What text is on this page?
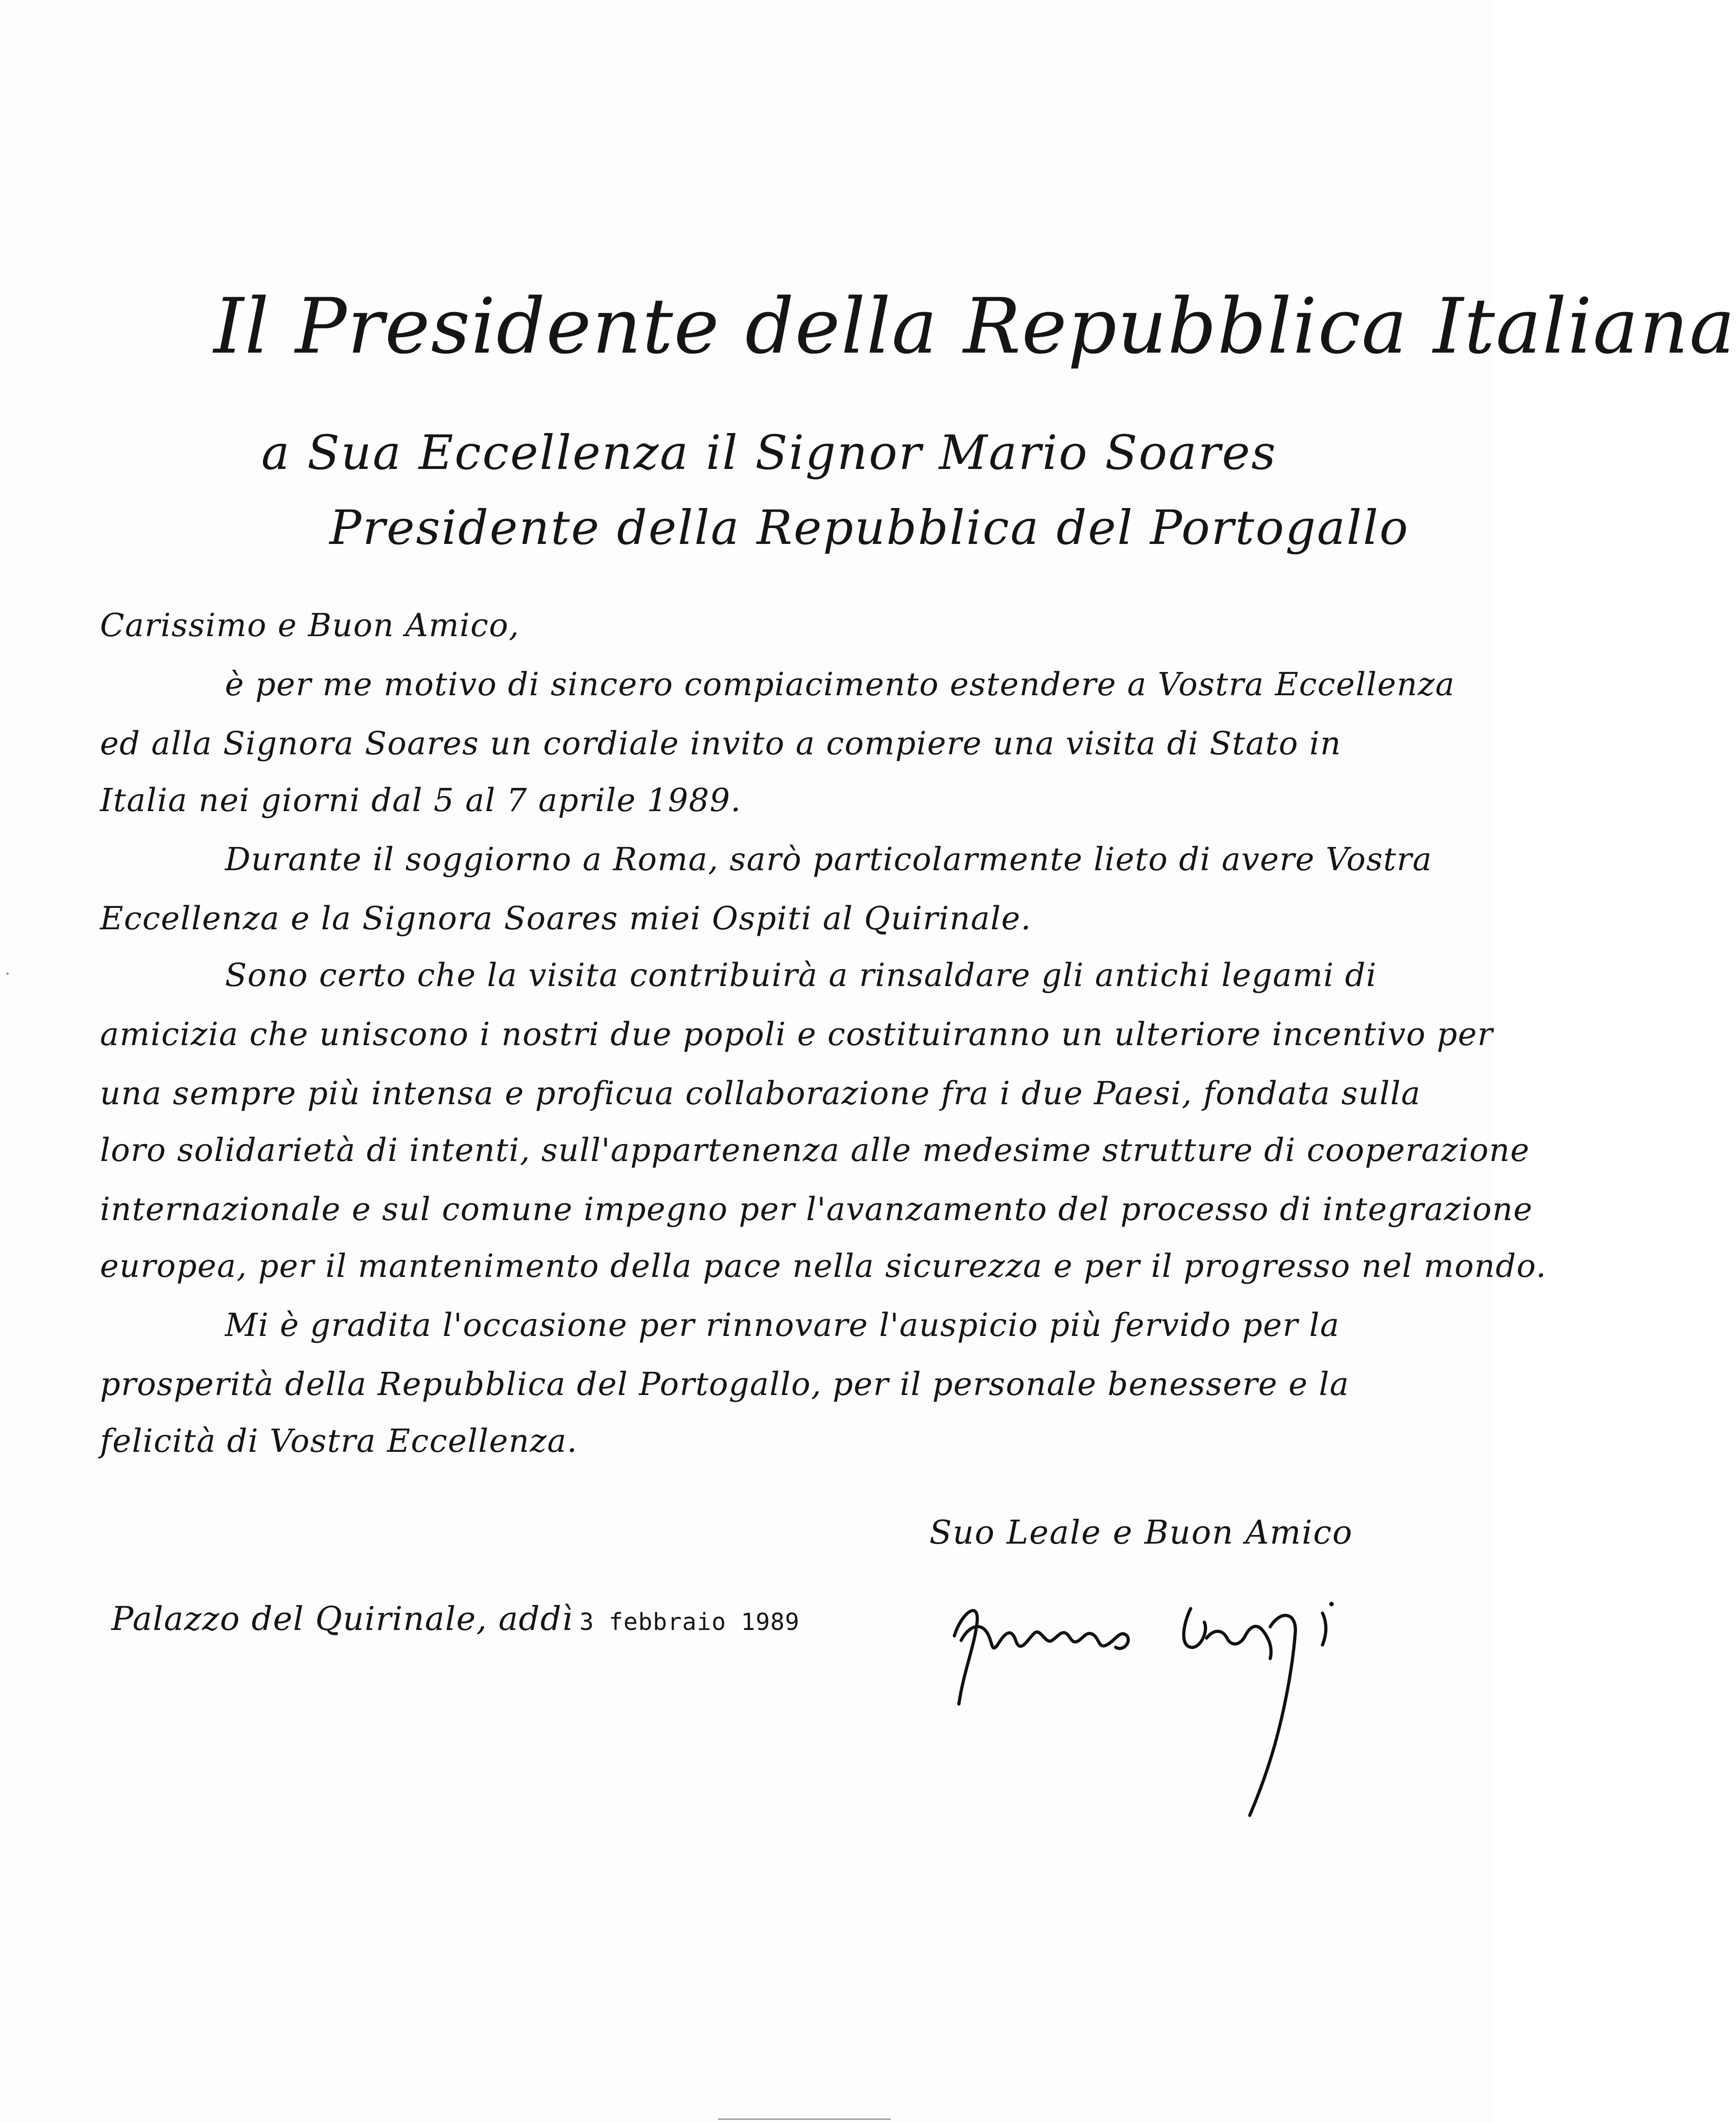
Il Presidente della Repubblica Italiana
a Sua Eccellenza il Signor Mario Soares
Presidente della Repubblica del Portogallo
Carissimo e Buon Amico,
è per me motivo di sincero compiacimento estendere a Vostra Eccellenza
ed alla Signora Soares un cordiale invito a compiere una visita di Stato in
Italia nei giorni dal 5 al 7 aprile 1989.
Durante il soggiorno a Roma, sarò particolarmente lieto di avere Vostra
Eccellenza e la Signora Soares miei Ospiti al Quirinale.
Sono certo che la visita contribuirà a rinsaldare gli antichi legami di
amicizia che uniscono i nostri due popoli e costituiranno un ulteriore incentivo per
una sempre più intensa e proficua collaborazione fra i due Paesi, fondata sulla
loro solidarietà di intenti, sull'appartenenza alle medesime strutture di cooperazione
internazionale e sul comune impegno per l'avanzamento del processo di integrazione
europea, per il mantenimento della pace nella sicurezza e per il progresso nel mondo.
Mi è gradita l'occasione per rinnovare l'auspicio più fervido per la
prosperità della Repubblica del Portogallo, per il personale benessere e la
felicità di Vostra Eccellenza.
Suo Leale e Buon Amico
Palazzo del Quirinale, addì 3 febbraio 1989
